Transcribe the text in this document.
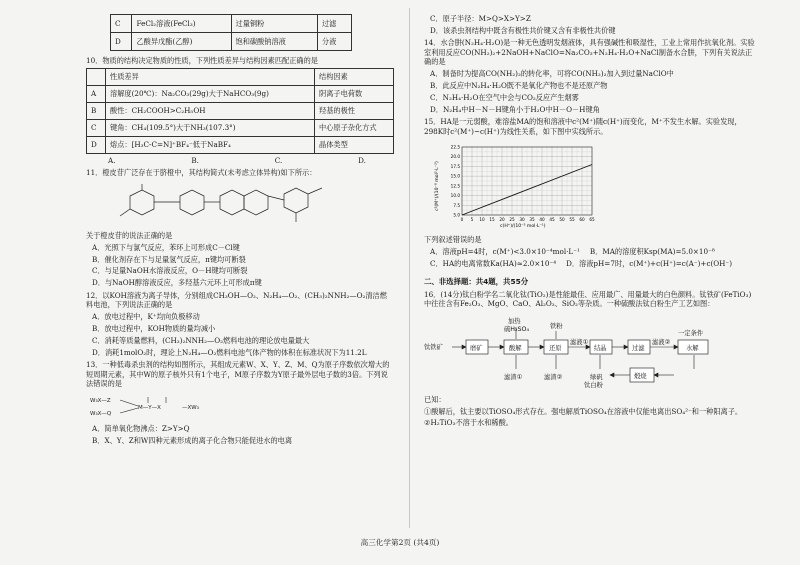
C	FeCl₂溶液(FeCl₃)	过量铜粉	过滤
D	乙酸异戊酯(乙醇)	饱和碳酸钠溶液	分液

10．物质的结构决定物质的性质，下列性质差异与结构因素匹配正确的是

	性质差异	结构因素
A	溶解度(20℃)：Na₂CO₃(29g)大于NaHCO₃(9g)	阴离子电荷数
B	酸性：CH₂COOH>C₂H₅OH	羟基的极性
C	键角：CH₄(109.5°)大于NH₃(107.3°)	中心原子杂化方式
D	熔点：[H₃C-C=N]⁺BF₄⁻低于NaBF₄	晶体类型
A.	B.	C.	D.

11．橙皮苷广泛存在于脐橙中，其结构简式(未考虑立体异构)如下所示：

关于橙皮苷的说法正确的是

A．光照下与氯气反应，苯环上可形成C－Cl键

B．催化剂存在下与足量氢气反应，π键均可断裂

C．与足量NaOH水溶液反应，O－H键均可断裂

D．与NaOH醇溶液反应，多羟基六元环上可形成π键

12．以KOH溶液为离子导体，分别组成CH₃OH—O₂、N₂H₄—O₂、(CH₃)₂NNH₂—O₂清洁燃料电池，下列说法正确的是

A．放电过程中，K⁺均向负极移动

B．放电过程中，KOH物质的量均减小

C．消耗等质量燃料，(CH₃)₂NNH₂—O₂燃料电池的理论放电量最大

D．消耗1molO₂时，理论上N₂H₄—O₂燃料电池气体产物的体积在标准状况下为11.2L

13．一种低毒杀虫剂的结构如图所示，其组成元素W、X、Y、Z、M、Q为原子序数依次增大的短周期元素，其中W的原子核外只有1个电子，M原子序数为Y原子最外层电子数的3倍。下列说法错误的是

W₃X—Z
W₃X—Q
M—Y—X	—XW₃

A．简单氧化物沸点：Z>Y>Q

B．X、Y、Z和W四种元素形成的离子化合物只能促进水的电离

C．原子半径：M>Q>X>Y>Z

D．该杀虫剂结构中既含有极性共价键又含有非极性共价键

14．水合肼(N₂H₄·H₂O)是一种无色透明发烟液体，具有强碱性和吸湿性，工业上常用作抗氧化剂。实验室利用反应CO(NH₂)₂+2NaOH+NaClO=Na₂CO₃+N₂H₄·H₂O+NaCl制备水合肼，下列有关说法正确的是

A．制备时为提高CO(NH₂)₂的转化率，可将CO(NH₂)₂加入到过量NaClO中

B．此反应中N₂H₄·H₂O既不是氧化产物也不是还原产物

C．N₂H₄·H₂O在空气中会与CO₂反应产生烟雾

D．N₂H₄中H－N－H键角小于H₂O中H－O－H键角

15．HA是一元弱酸，难溶盐MA的饱和溶液中c²(M⁺)随c(H⁺)而变化，M⁺不发生水解。实验发现，298K时c²(M⁺)~c(H⁺)为线性关系，如下图中实线所示。

0 5 10 15 20 25 30 35 40 45 50 55 60 65
5.0
7.5
10.0
12.5
15.0
17.5
20.0
22.5
c²(M⁺)/(10⁻⁸ mol²·L⁻²)
c(H⁺)/(10⁻⁵ mol·L⁻¹)

下列叙述错误的是

A．溶液pH=4时，c(M⁺)<3.0×10⁻⁴mol·L⁻¹ B．MA的溶度积Ksp(MA)=5.0×10⁻⁸

C．HA的电离常数Ka(HA)≈2.0×10⁻⁴ D．溶液pH=7时，c(M⁺)+c(H⁺)=c(A⁻)+c(OH⁻)

二、非选择题：共4题，共55分

16．(14分)钛白粉学名二氧化钛(TiO₂)是性能最佳、应用最广、用量最大的白色颜料。钛铁矿(FeTiO₃)中往往含有Fe₂O₃、MgO、CaO、Al₂O₃、SiO₂等杂质。一种硫酸法钛白粉生产工艺如图：

钛铁矿	磨矿
加热
硫H₂SO₄
酸解
铁粉
还原
滤液①
结晶	过滤
滤液②
一定条件
水解
滤渣①	滤渣②	绿矾	煅烧
钛白粉

已知：

①酸解后，钛主要以TiOSO₄形式存在。强电解质TiOSO₄在溶液中仅能电离出SO₄²⁻和一种阳离子。

②H₂TiO₃不溶于水和稀酸。

高三化学第2页 (共4页)
